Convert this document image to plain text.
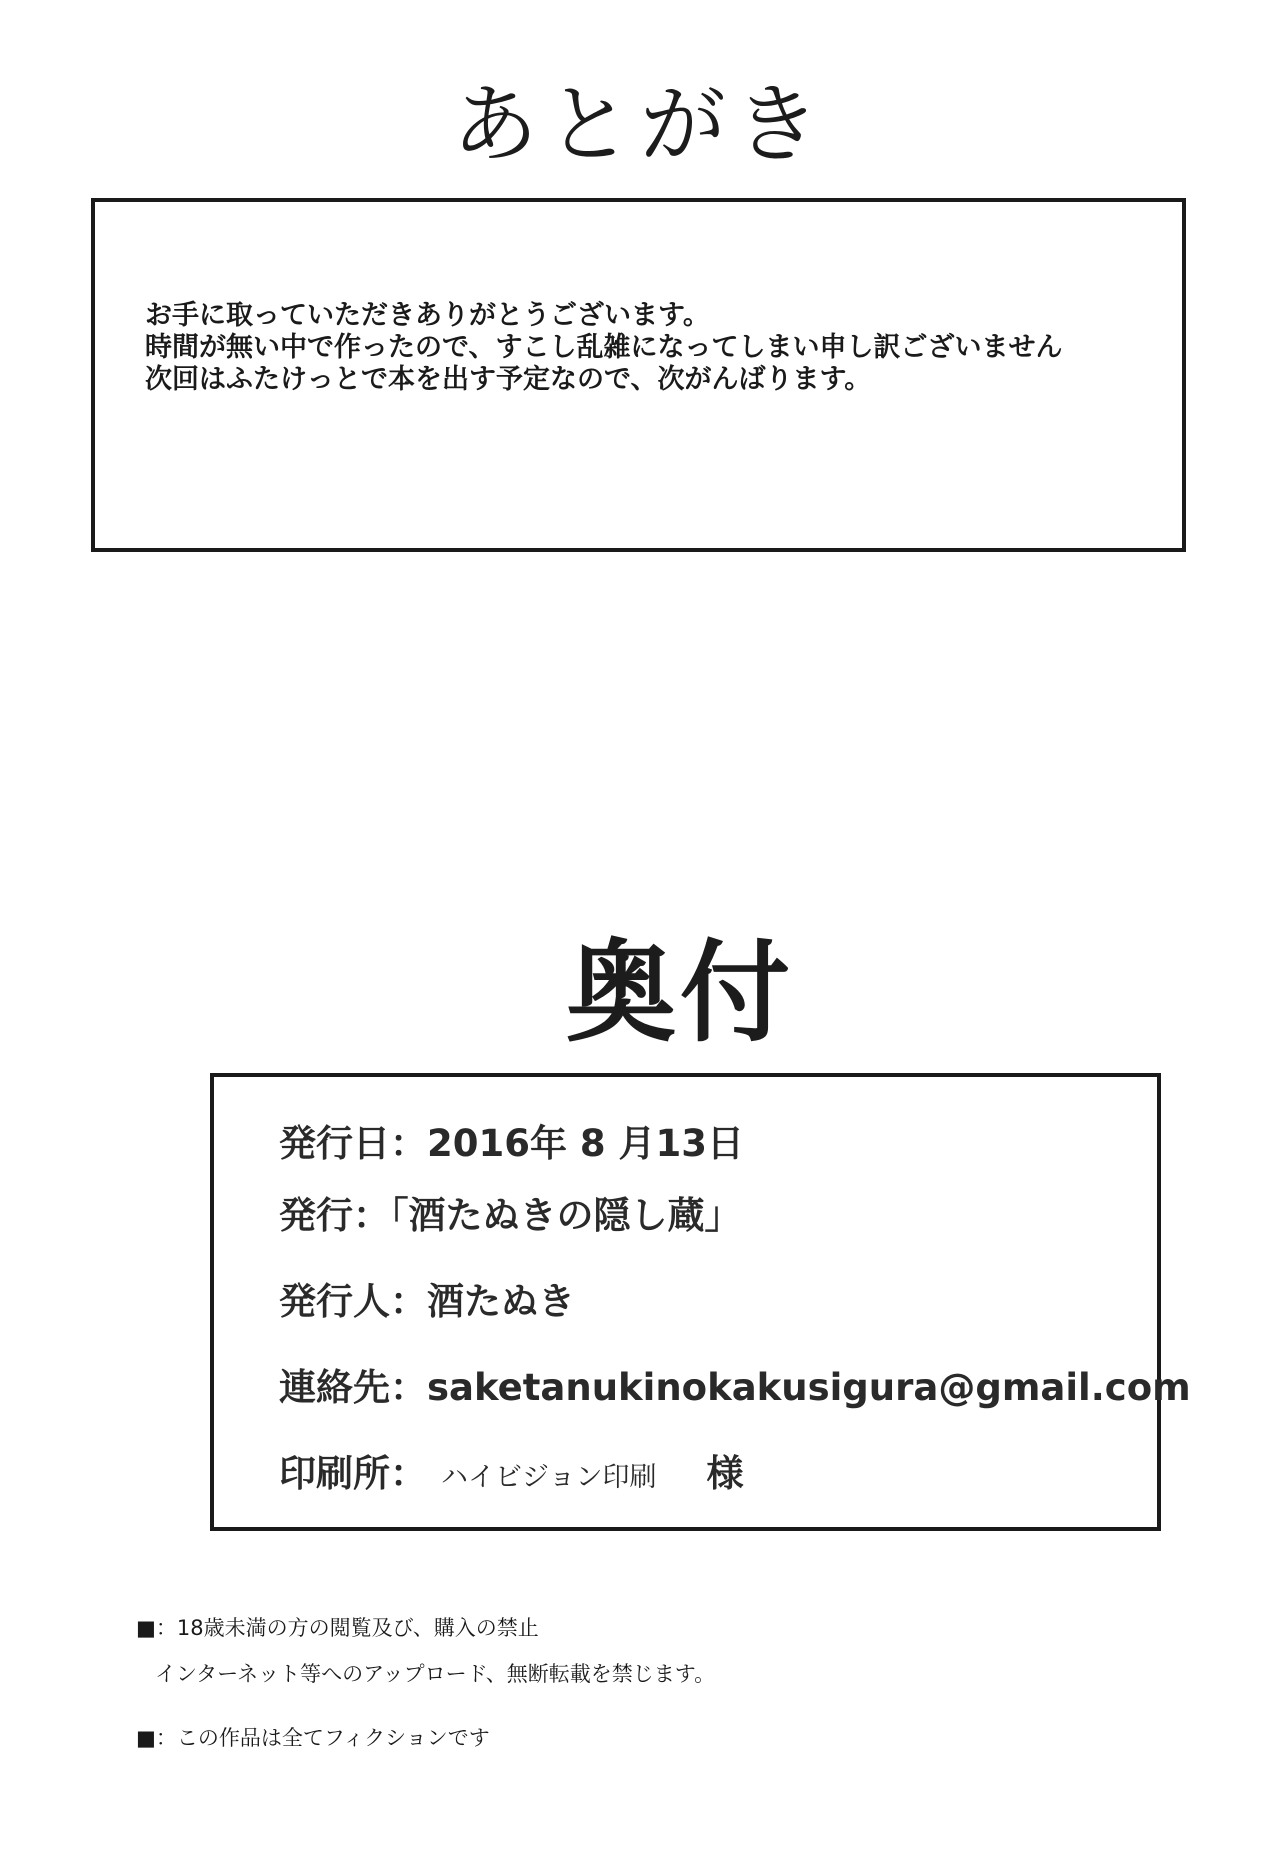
あとがき
お手に取っていただきありがとうございます。
時間が無い中で作ったので、すこし乱雑になってしまい申し訳ございません
次回はふたけっとで本を出す予定なので、次がんばります。
奥付
発行日：2016年 8 月13日
発行：「酒たぬきの隠し蔵」
発行人：酒たぬき
連絡先：saketanukinokakusigura@gmail.com
印刷所： ハイビジョン印刷 様
■：18歳未満の方の閲覧及び、購入の禁止
インターネット等へのアップロード、無断転載を禁じます。
■：この作品は全てフィクションです
